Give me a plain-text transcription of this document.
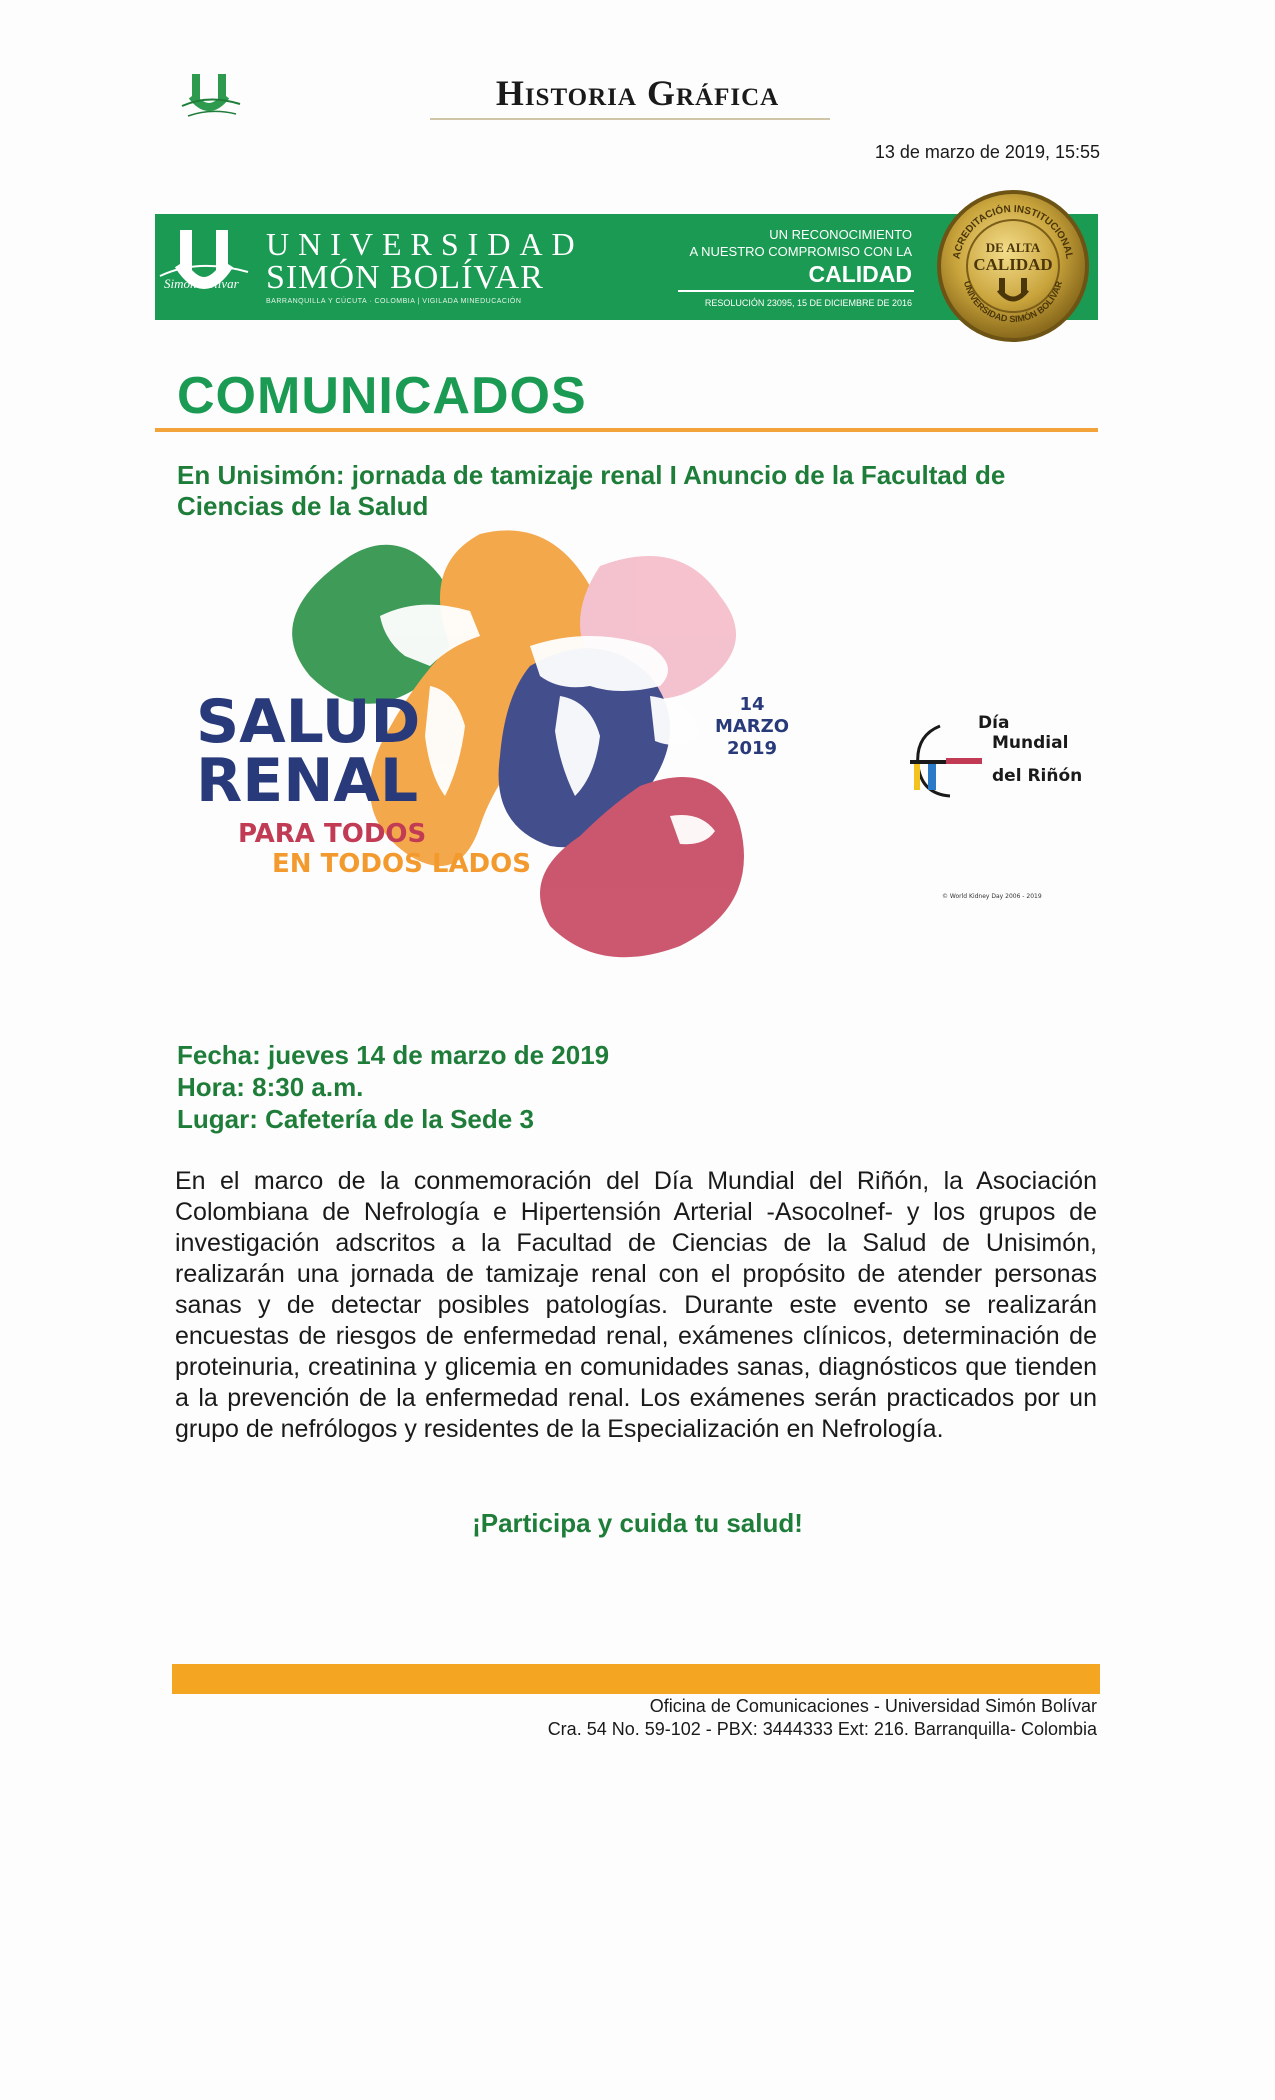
Historia Gráfica
13 de marzo de 2019, 15:55
Simón Bolívar
UNIVERSIDAD
SIMÓN BOLÍVAR
BARRANQUILLA Y CÚCUTA · COLOMBIA | VIGILADA MINEDUCACIÓN
UN RECONOCIMIENTO
A NUESTRO COMPROMISO CON LA
CALIDAD
RESOLUCIÓN 23095, 15 DE DICIEMBRE DE 2016
ACREDITACIÓN INSTITUCIONAL
UNIVERSIDAD SIMÓN BOLÍVAR
DE ALTA
CALIDAD
COMUNICADOS
En Unisimón: jornada de tamizaje renal I Anuncio de la Facultad de Ciencias de la Salud
SALUD
RENAL
PARA TODOS
EN TODOS LADOS
14
MARZO
2019
Día
Mundial
del Riñón
© World Kidney Day 2006 - 2019
Fecha: jueves 14 de marzo de 2019
Hora: 8:30 a.m.
Lugar: Cafetería de la Sede 3
En el marco de la conmemoración del Día Mundial del Riñón, la Asociación Colombiana de Nefrología e Hipertensión Arterial -Asocolnef- y los grupos de investigación adscritos a la Facultad de Ciencias de la Salud de Unisimón, realizarán una jornada de tamizaje renal con el propósito de atender personas sanas y de detectar posibles patologías. Durante este evento se realizarán encuestas de riesgos de enfermedad renal, exámenes clínicos, determinación de proteinuria, creatinina y glicemia en comunidades sanas, diagnósticos que tienden a la prevención de la enfermedad renal. Los exámenes serán practicados por un grupo de nefrólogos y residentes de la Especialización en Nefrología.
¡Participa y cuida tu salud!
Oficina de Comunicaciones - Universidad Simón Bolívar
Cra. 54 No. 59-102 - PBX: 3444333 Ext: 216. Barranquilla- Colombia
